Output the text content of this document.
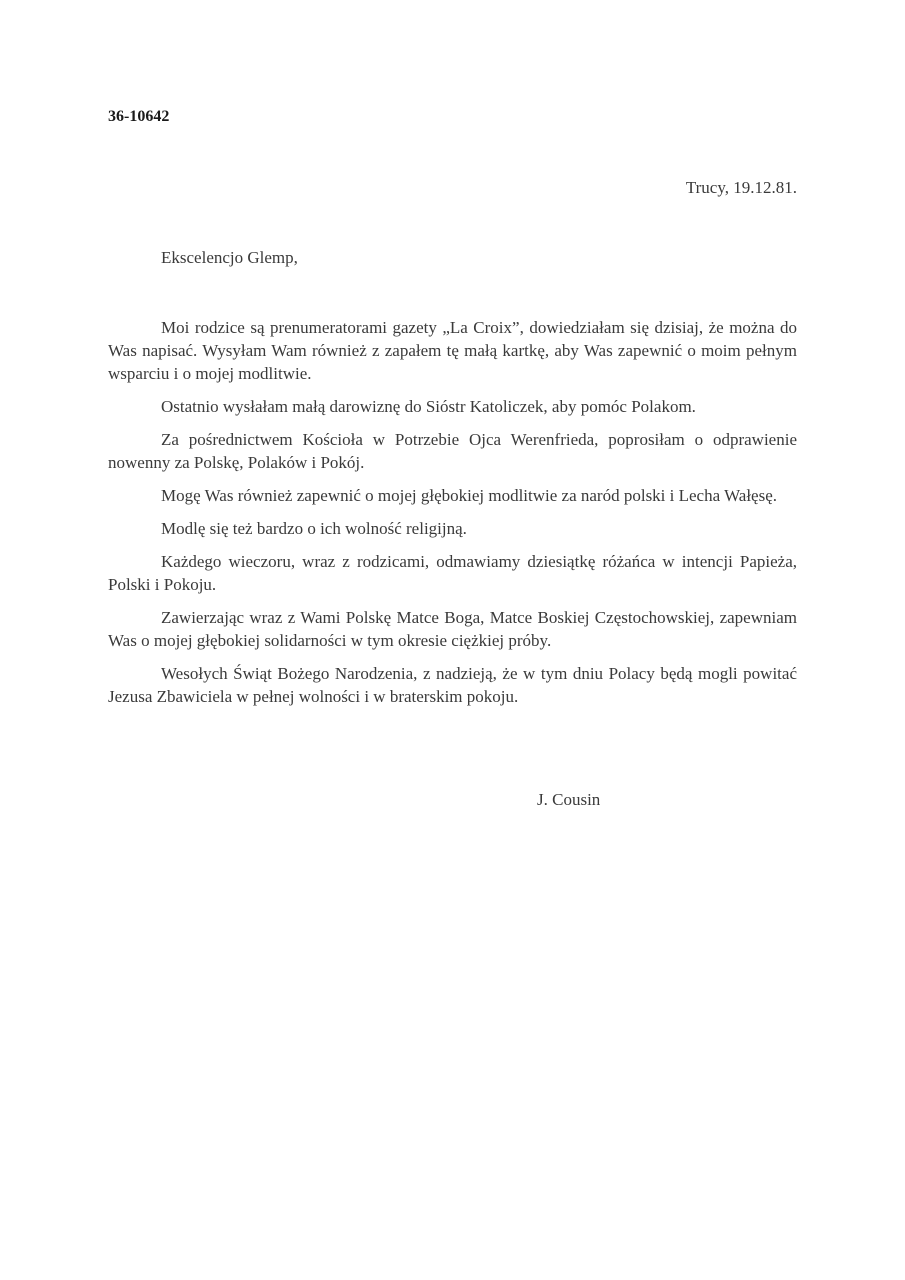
36-10642
Trucy, 19.12.81.
Ekscelencjo Glemp,

Moi rodzice są prenumeratorami gazety „La Croix”, dowiedziałam się dzisiaj, że można do Was napisać. Wysyłam Wam również z zapałem tę małą kartkę, aby Was zapewnić o moim pełnym wsparciu i o mojej modlitwie.

Ostatnio wysłałam małą darowiznę do Sióstr Katoliczek, aby pomóc Polakom.

Za pośrednictwem Kościoła w Potrzebie Ojca Werenfrieda, poprosiłam o odprawienie nowenny za Polskę, Polaków i Pokój.

Mogę Was również zapewnić o mojej głębokiej modlitwie za naród polski i Lecha Wałęsę.

Modlę się też bardzo o ich wolność religijną.

Każdego wieczoru, wraz z rodzicami, odmawiamy dziesiątkę różańca w intencji Papieża, Polski i Pokoju.

Zawierzając wraz z Wami Polskę Matce Boga, Matce Boskiej Częstochowskiej, zapewniam Was o mojej głębokiej solidarności w tym okresie ciężkiej próby.

Wesołych Świąt Bożego Narodzenia, z nadzieją, że w tym dniu Polacy będą mogli powitać Jezusa Zbawiciela w pełnej wolności i w braterskim pokoju.

J. Cousin
